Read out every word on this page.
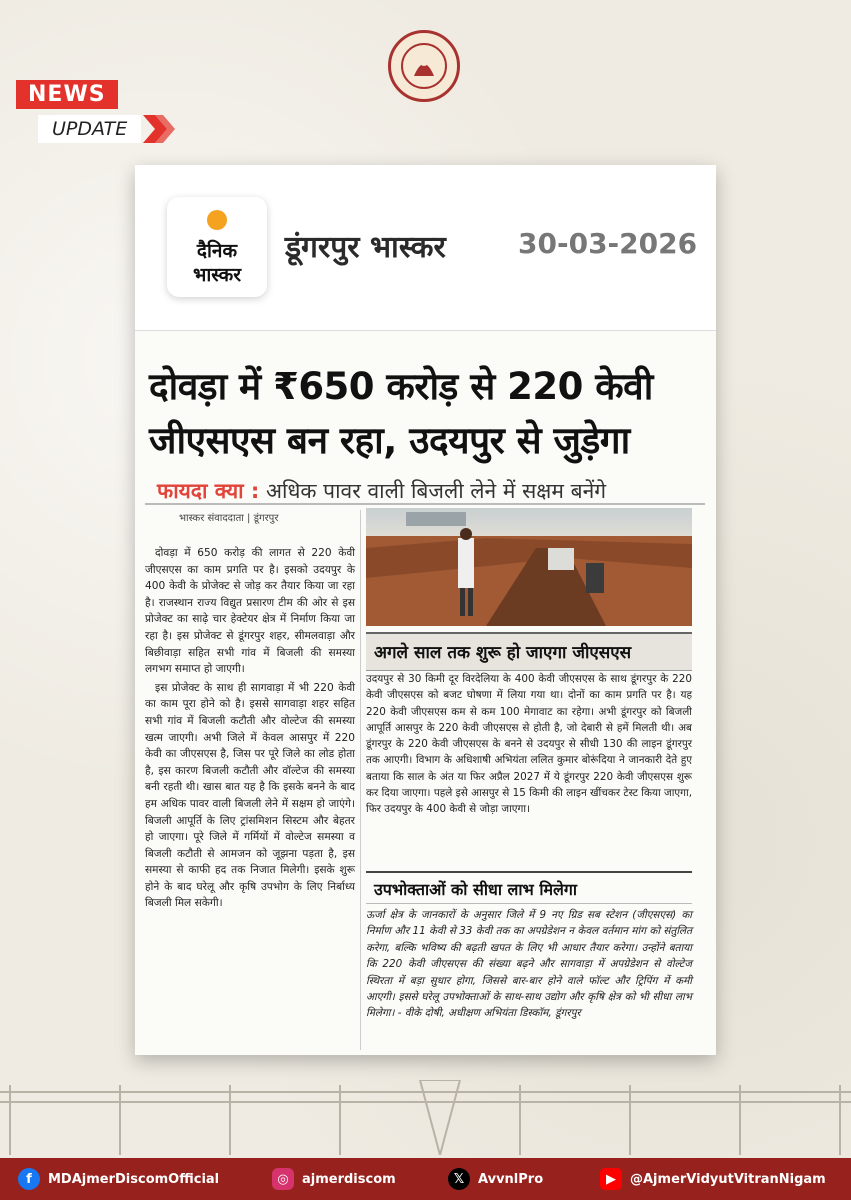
NEWS
UPDATE
दैनिक
भास्कर
डूंगरपुर भास्कर	30-03-2026
दोवड़ा में ₹650 करोड़ से 220 केवी
जीएसएस बन रहा, उदयपुर से जुड़ेगा
फायदा क्या : अधिक पावर वाली बिजली लेने में सक्षम बनेंगे
भास्कर संवाददाता | डूंगरपुर

दोवड़ा में 650 करोड़ की लागत से 220 केवी जीएसएस का काम प्रगति पर है। इसको उदयपुर के 400 केवी के प्रोजेक्ट से जोड़ कर तैयार किया जा रहा है। राजस्थान राज्य विद्युत प्रसारण टीम की ओर से इस प्रोजेक्ट का साढ़े चार हेक्टेयर क्षेत्र में निर्माण किया जा रहा है। इस प्रोजेक्ट से डूंगरपुर शहर, सीमलवाड़ा और बिछीवाड़ा सहित सभी गांव में बिजली की समस्या लगभग समाप्त हो जाएगी।

इस प्रोजेक्ट के साथ ही सागवाड़ा में भी 220 केवी का काम पूरा होने को है। इससे सागवाड़ा शहर सहित सभी गांव में बिजली कटौती और वोल्टेज की समस्या खत्म जाएगी। अभी जिले में केवल आसपुर में 220 केवी का जीएसएस है, जिस पर पूरे जिले का लोड होता है, इस कारण बिजली कटौती और वॉल्टेज की समस्या बनी रहती थी। खास बात यह है कि इसके बनने के बाद हम अधिक पावर वाली बिजली लेने में सक्षम हो जाएंगे। बिजली आपूर्ति के लिए ट्रांसमिशन सिस्टम और बेहतर हो जाएगा। पूरे जिले में गर्मियों में वोल्टेज समस्या व बिजली कटौती से आमजन को जूझना पड़ता है, इस समस्या से काफी हद तक निजात मिलेगी। इसके शुरू होने के बाद घरेलू और कृषि उपभोग के लिए निर्बाध्य बिजली मिल सकेगी।

अगले साल तक शुरू हो जाएगा जीएसएस
उदयपुर से 30 किमी दूर विरदेलिया के 400 केवी जीएसएस के साथ डूंगरपुर के 220 केवी जीएसएस को बजट घोषणा में लिया गया था। दोनों का काम प्रगति पर है। यह 220 केवी जीएसएस कम से कम 100 मेगावाट का रहेगा। अभी डूंगरपुर को बिजली आपूर्ति आसपुर के 220 केवी जीएसएस से होती है, जो देबारी से हमें मिलती थी। अब डूंगरपुर के 220 केवी जीएसएस के बनने से उदयपुर से सीधी 130 की लाइन डूंगरपुर तक आएगी। विभाग के अधिशाषी अभियंता ललित कुमार बोरूंदिया ने जानकारी देते हुए बताया कि साल के अंत या फिर अप्रैल 2027 में ये डूंगरपुर 220 केवी जीएसएस शुरू कर दिया जाएगा। पहले इसे आसपुर से 15 किमी की लाइन खींचकर टेस्ट किया जाएगा, फिर उदयपुर के 400 केवी से जोड़ा जाएगा।
उपभोक्ताओं को सीधा लाभ मिलेगा
ऊर्जा क्षेत्र के जानकारों के अनुसार जिले में 9 नए ग्रिड सब स्टेशन (जीएसएस) का निर्माण और 11 केवी से 33 केवी तक का अपग्रेडेशन न केवल वर्तमान मांग को संतुलित करेगा, बल्कि भविष्य की बढ़ती खपत के लिए भी आधार तैयार करेगा। उन्होंने बताया कि 220 केवी जीएसएस की संख्या बढ़ने और सागवाड़ा में अपग्रेडेशन से वोल्टेज स्थिरता में बड़ा सुधार होगा, जिससे बार-बार होने वाले फॉल्ट और ट्रिपिंग में कमी आएगी। इससे घरेलू उपभोक्ताओं के साथ-साथ उद्योग और कृषि क्षेत्र को भी सीधा लाभ मिलेगा। - वीके दोषी, अधीक्षण अभियंता डिस्कॉम, डूंगरपुर
f	MDAjmerDiscomOfficial	◎	ajmerdiscom	𝕏	AvvnlPro	▶	@AjmerVidyutVitranNigam
